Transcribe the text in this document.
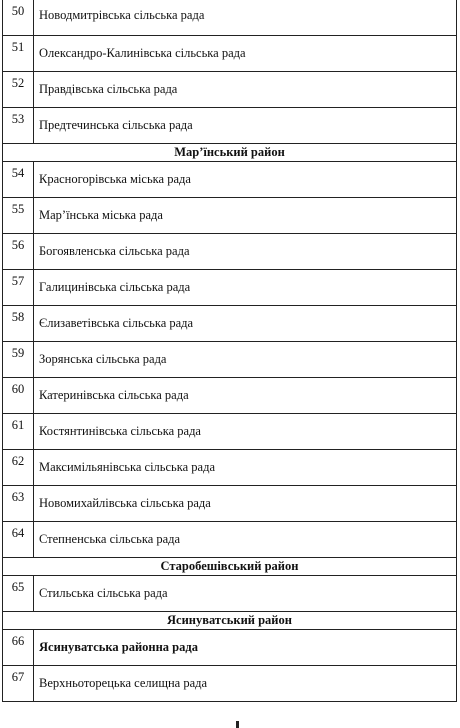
50	Новодмитрівська сільська рада

51	Олександро-Калинівська сільська рада

52	Правдівська сільська рада

53	Предтечинська сільська рада

Мар’їнський район	

54	Красногорівська міська рада

55	Мар’їнська міська рада

56	Богоявленська сільська рада

57	Галицинівська сільська рада

58	Єлизаветівська сільська рада

59	Зорянська сільська рада

60	Катеринівська сільська рада

61	Костянтинівська сільська рада

62	Максимільянівська сільська рада

63	Новомихайлівська сільська рада

64	Степненська сільська рада

Старобешівський район	

65	Стильська сільська рада

Ясинуватський район	

66	Ясинуватська районна рада

67	Верхньоторецька селищна рада
